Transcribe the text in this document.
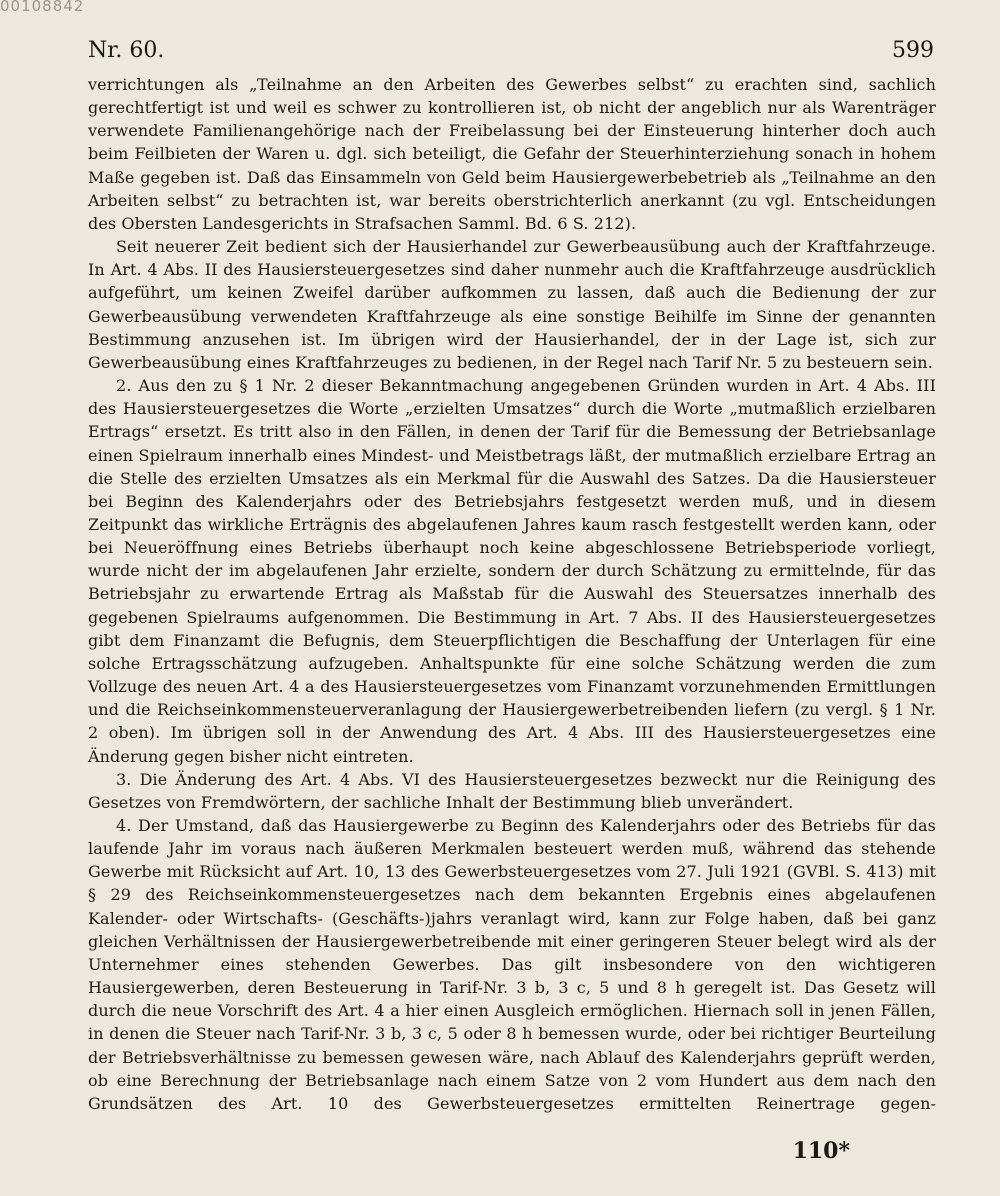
00108842
Nr. 60.	599

verrichtungen als „Teilnahme an den Arbeiten des Gewerbes selbst“ zu erachten sind, sachlich gerechtfertigt ist und weil es schwer zu kontrollieren ist, ob nicht der angeblich nur als Warenträger verwendete Familienangehörige nach der Freibelassung bei der Einsteuerung hinterher doch auch beim Feilbieten der Waren u. dgl. sich beteiligt, die Gefahr der Steuerhinterziehung sonach in hohem Maße gegeben ist. Daß das Einsammeln von Geld beim Hausiergewerbebetrieb als „Teilnahme an den Arbeiten selbst“ zu betrachten ist, war bereits oberstrichterlich anerkannt (zu vgl. Entscheidungen des Obersten Landesgerichts in Strafsachen Samml. Bd. 6 S. 212).

Seit neuerer Zeit bedient sich der Hausierhandel zur Gewerbeausübung auch der Kraftfahrzeuge. In Art. 4 Abs. II des Hausiersteuergesetzes sind daher nunmehr auch die Kraftfahrzeuge ausdrücklich aufgeführt, um keinen Zweifel darüber aufkommen zu lassen, daß auch die Bedienung der zur Gewerbeausübung verwendeten Kraftfahrzeuge als eine sonstige Beihilfe im Sinne der genannten Bestimmung anzusehen ist. Im übrigen wird der Hausierhandel, der in der Lage ist, sich zur Gewerbeausübung eines Kraftfahrzeuges zu bedienen, in der Regel nach Tarif Nr. 5 zu besteuern sein.

2. Aus den zu § 1 Nr. 2 dieser Bekanntmachung angegebenen Gründen wurden in Art. 4 Abs. III des Hausiersteuergesetzes die Worte „erzielten Umsatzes“ durch die Worte „mutmaßlich erzielbaren Ertrags“ ersetzt. Es tritt also in den Fällen, in denen der Tarif für die Bemessung der Betriebsanlage einen Spielraum innerhalb eines Mindest- und Meistbetrags läßt, der mutmaßlich erzielbare Ertrag an die Stelle des erzielten Umsatzes als ein Merkmal für die Auswahl des Satzes. Da die Hausiersteuer bei Beginn des Kalenderjahrs oder des Betriebsjahrs festgesetzt werden muß, und in diesem Zeitpunkt das wirkliche Erträgnis des abgelaufenen Jahres kaum rasch festgestellt werden kann, oder bei Neueröffnung eines Betriebs überhaupt noch keine abgeschlossene Betriebsperiode vorliegt, wurde nicht der im abgelaufenen Jahr erzielte, sondern der durch Schätzung zu ermittelnde, für das Betriebsjahr zu erwartende Ertrag als Maßstab für die Auswahl des Steuersatzes innerhalb des gegebenen Spielraums aufgenommen. Die Bestimmung in Art. 7 Abs. II des Hausiersteuergesetzes gibt dem Finanzamt die Befugnis, dem Steuerpflichtigen die Beschaffung der Unterlagen für eine solche Ertragsschätzung aufzugeben. Anhaltspunkte für eine solche Schätzung werden die zum Vollzuge des neuen Art. 4 a des Hausiersteuergesetzes vom Finanzamt vorzunehmenden Ermittlungen und die Reichseinkommensteuerveranlagung der Hausiergewerbetreibenden liefern (zu vergl. § 1 Nr. 2 oben). Im übrigen soll in der Anwendung des Art. 4 Abs. III des Hausiersteuergesetzes eine Änderung gegen bisher nicht eintreten.

3. Die Änderung des Art. 4 Abs. VI des Hausiersteuergesetzes bezweckt nur die Reinigung des Gesetzes von Fremdwörtern, der sachliche Inhalt der Bestimmung blieb unverändert.

4. Der Umstand, daß das Hausiergewerbe zu Beginn des Kalenderjahrs oder des Betriebs für das laufende Jahr im voraus nach äußeren Merkmalen besteuert werden muß, während das stehende Gewerbe mit Rücksicht auf Art. 10, 13 des Gewerbsteuergesetzes vom 27. Juli 1921 (GVBl. S. 413) mit § 29 des Reichseinkommensteuergesetzes nach dem bekannten Ergebnis eines abgelaufenen Kalender- oder Wirtschafts- (Geschäfts-)jahrs veranlagt wird, kann zur Folge haben, daß bei ganz gleichen Verhältnissen der Hausiergewerbetreibende mit einer geringeren Steuer belegt wird als der Unternehmer eines stehenden Gewerbes. Das gilt insbesondere von den wichtigeren Hausiergewerben, deren Besteuerung in Tarif-Nr. 3 b, 3 c, 5 und 8 h geregelt ist. Das Gesetz will durch die neue Vorschrift des Art. 4 a hier einen Ausgleich ermöglichen. Hiernach soll in jenen Fällen, in denen die Steuer nach Tarif-Nr. 3 b, 3 c, 5 oder 8 h bemessen wurde, oder bei richtiger Beurteilung der Betriebsverhältnisse zu bemessen gewesen wäre, nach Ablauf des Kalenderjahrs geprüft werden, ob eine Berechnung der Betriebsanlage nach einem Satze von 2 vom Hundert aus dem nach den Grundsätzen des Art. 10 des Gewerbsteuergesetzes ermittelten Reinertrage gegen-

110*
